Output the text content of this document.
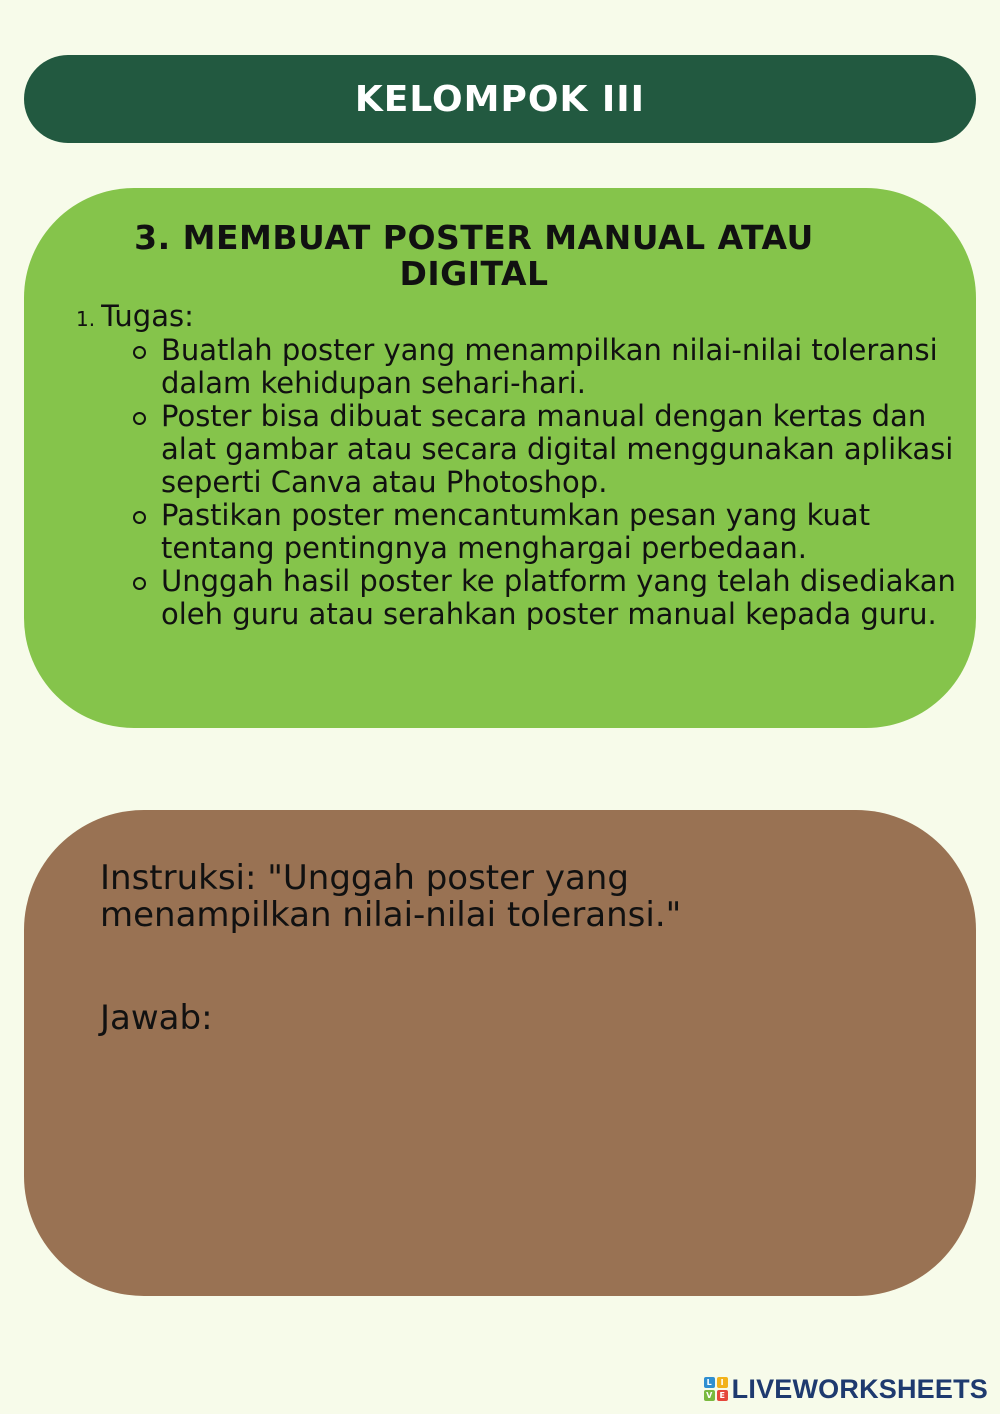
KELOMPOK III
3. MEMBUAT POSTER MANUAL ATAU DIGITAL
1. Tugas:
Buatlah poster yang menampilkan nilai-nilai toleransi dalam kehidupan sehari-hari.
Poster bisa dibuat secara manual dengan kertas dan alat gambar atau secara digital menggunakan aplikasi seperti Canva atau Photoshop.
Pastikan poster mencantumkan pesan yang kuat tentang pentingnya menghargai perbedaan.
Unggah hasil poster ke platform yang telah disediakan oleh guru atau serahkan poster manual kepada guru.
Instruksi: "Unggah poster yang menampilkan nilai-nilai toleransi."
Jawab:
L	I
V E LIVEWORKSHEETS
